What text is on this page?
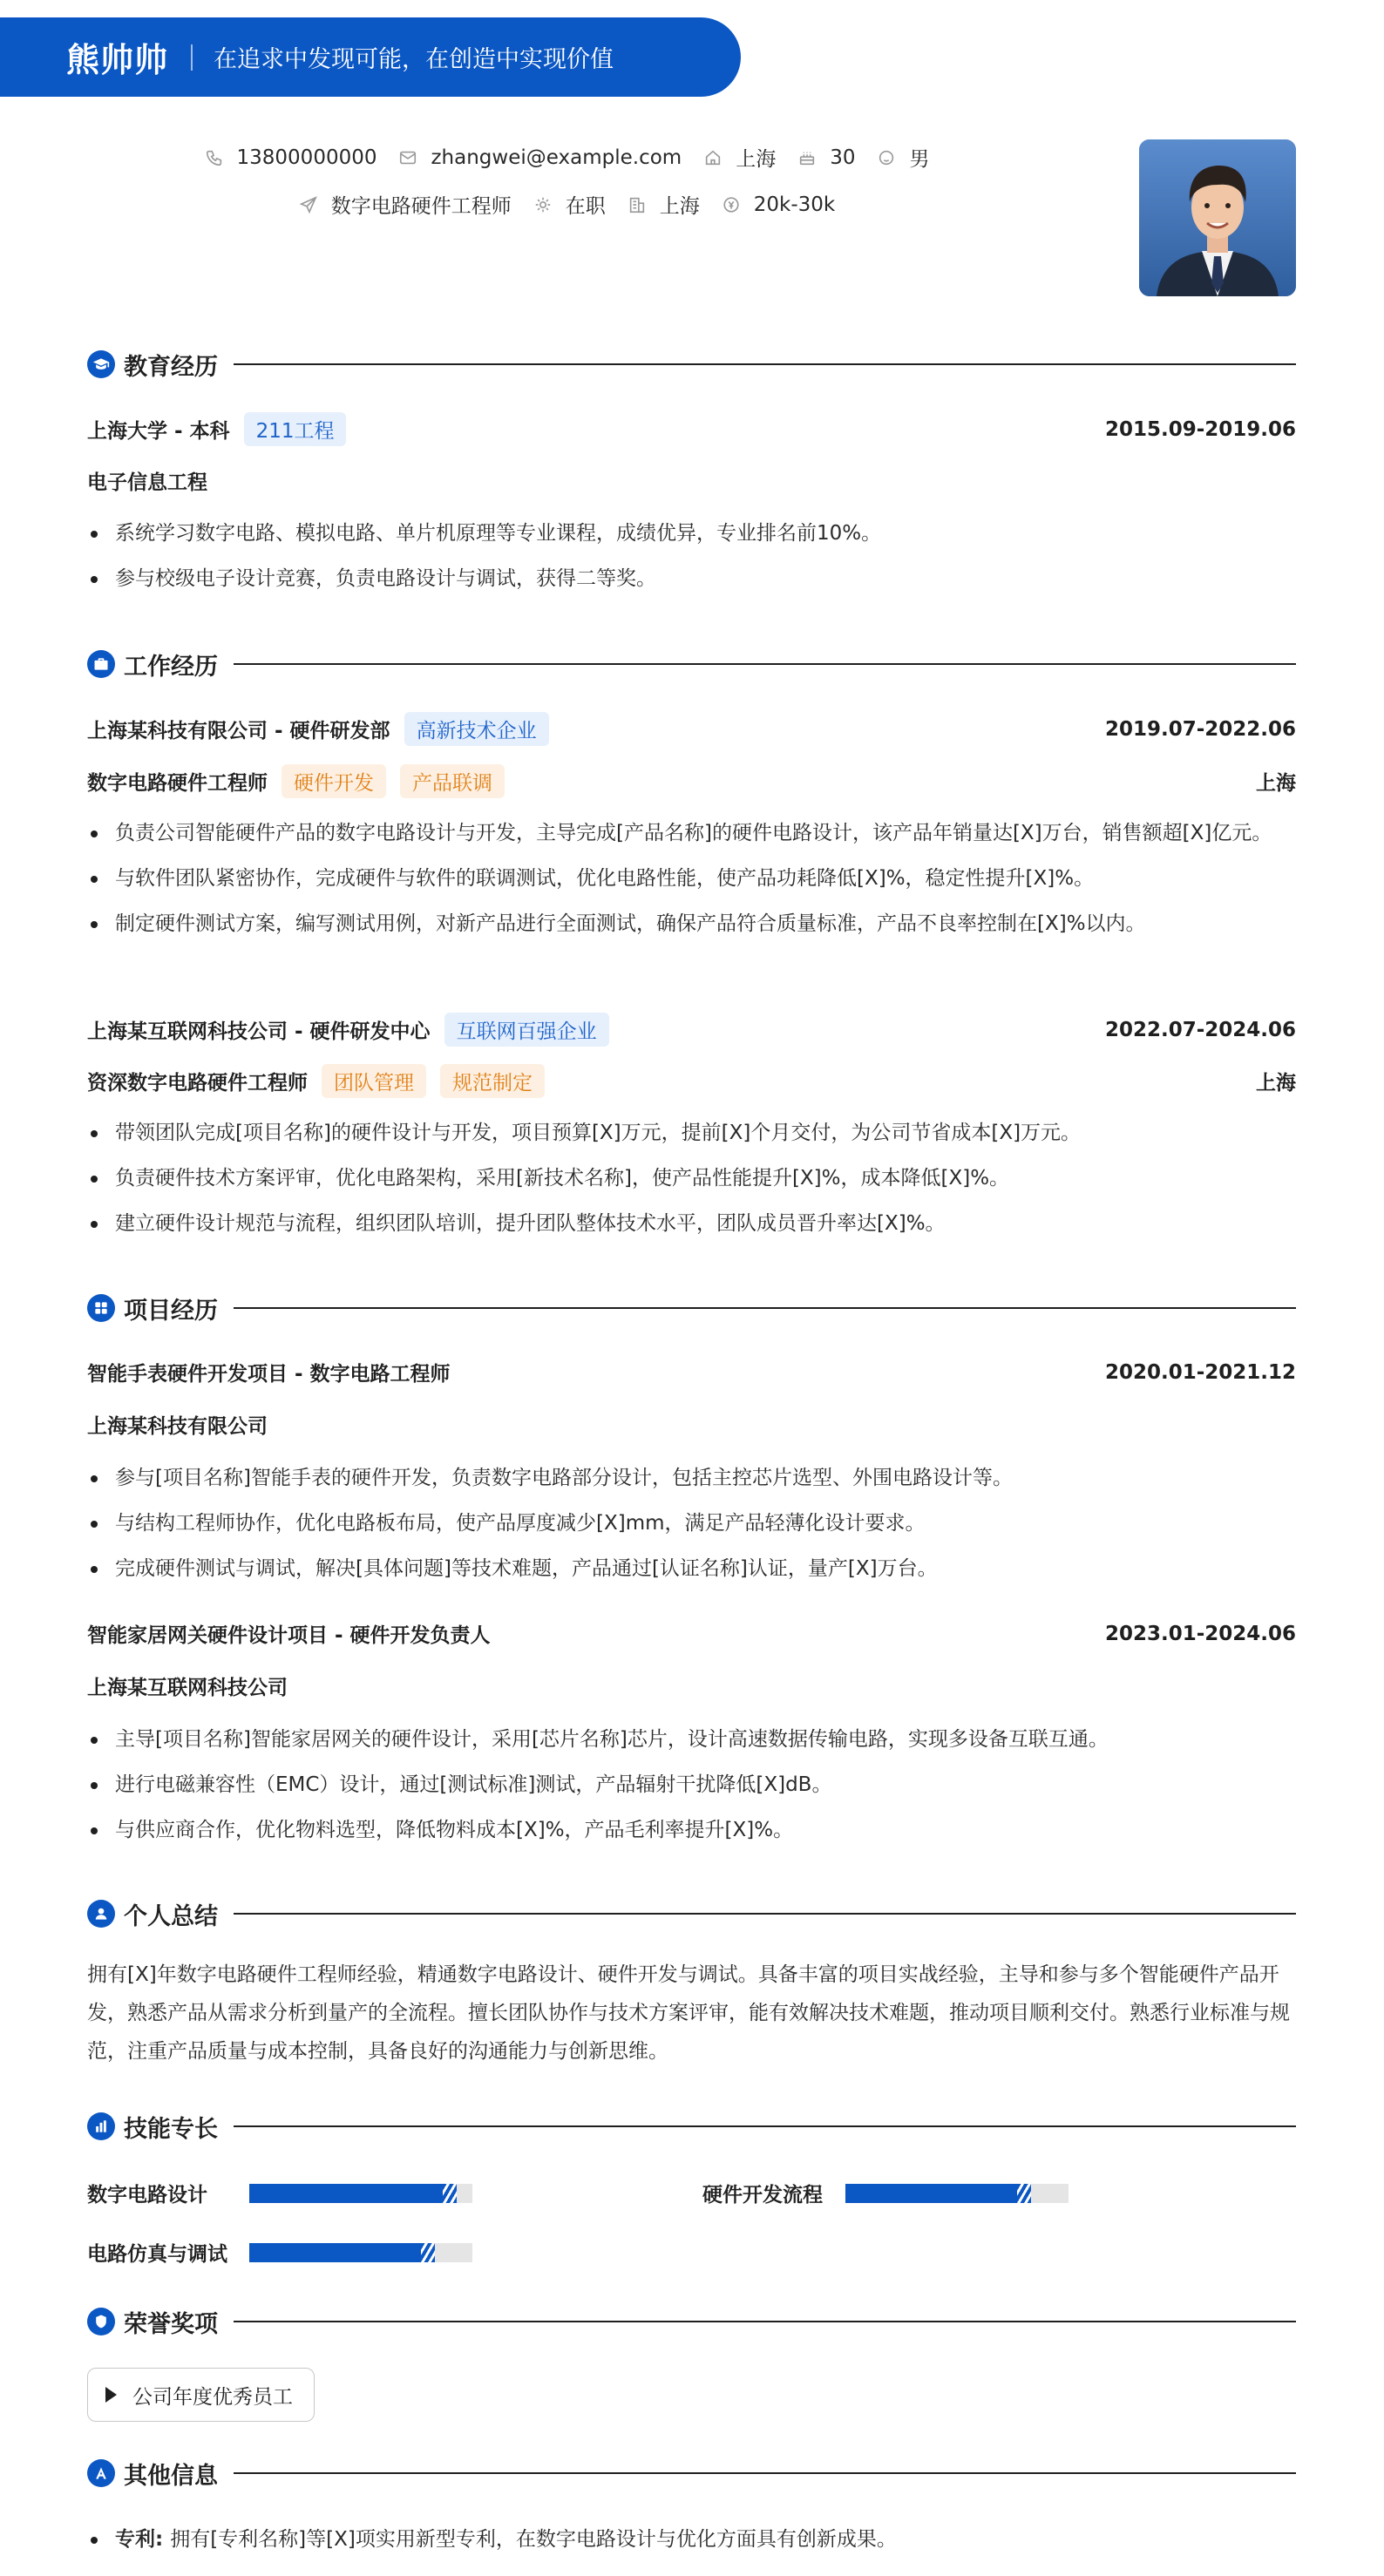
熊帅帅 在追求中发现可能，在创造中实现价值
13800000000	zhangwei@example.com	上海	30	男
数字电路硬件工程师	在职	上海	20k-30k
教育经历
上海大学 - 本科	211工程	2015.09-2019.06
电子信息工程
系统学习数字电路、模拟电路、单片机原理等专业课程，成绩优异，专业排名前10%。
参与校级电子设计竞赛，负责电路设计与调试，获得二等奖。
工作经历
上海某科技有限公司 - 硬件研发部	高新技术企业	2019.07-2022.06
数字电路硬件工程师	硬件开发	产品联调	上海
负责公司智能硬件产品的数字电路设计与开发，主导完成[产品名称]的硬件电路设计，该产品年销量达[X]万台，销售额超[X]亿元。
与软件团队紧密协作，完成硬件与软件的联调测试，优化电路性能，使产品功耗降低[X]%，稳定性提升[X]%。
制定硬件测试方案，编写测试用例，对新产品进行全面测试，确保产品符合质量标准，产品不良率控制在[X]%以内。
上海某互联网科技公司 - 硬件研发中心	互联网百强企业	2022.07-2024.06
资深数字电路硬件工程师	团队管理	规范制定	上海
带领团队完成[项目名称]的硬件设计与开发，项目预算[X]万元，提前[X]个月交付，为公司节省成本[X]万元。
负责硬件技术方案评审，优化电路架构，采用[新技术名称]，使产品性能提升[X]%，成本降低[X]%。
建立硬件设计规范与流程，组织团队培训，提升团队整体技术水平，团队成员晋升率达[X]%。
项目经历
智能手表硬件开发项目 - 数字电路工程师	2020.01-2021.12
上海某科技有限公司
参与[项目名称]智能手表的硬件开发，负责数字电路部分设计，包括主控芯片选型、外围电路设计等。
与结构工程师协作，优化电路板布局，使产品厚度减少[X]mm，满足产品轻薄化设计要求。
完成硬件测试与调试，解决[具体问题]等技术难题，产品通过[认证名称]认证，量产[X]万台。
智能家居网关硬件设计项目 - 硬件开发负责人	2023.01-2024.06
上海某互联网科技公司
主导[项目名称]智能家居网关的硬件设计，采用[芯片名称]芯片，设计高速数据传输电路，实现多设备互联互通。
进行电磁兼容性（EMC）设计，通过[测试标准]测试，产品辐射干扰降低[X]dB。
与供应商合作，优化物料选型，降低物料成本[X]%，产品毛利率提升[X]%。
个人总结
拥有[X]年数字电路硬件工程师经验，精通数字电路设计、硬件开发与调试。具备丰富的项目实战经验，主导和参与多个智能硬件产品开发，熟悉产品从需求分析到量产的全流程。擅长团队协作与技术方案评审，能有效解决技术难题，推动项目顺利交付。熟悉行业标准与规范，注重产品质量与成本控制，具备良好的沟通能力与创新思维。
技能专长
数字电路设计	硬件开发流程
电路仿真与调试
荣誉奖项
公司年度优秀员工
其他信息
专利: 拥有[专利名称]等[X]项实用新型专利，在数字电路设计与优化方面具有创新成果。
